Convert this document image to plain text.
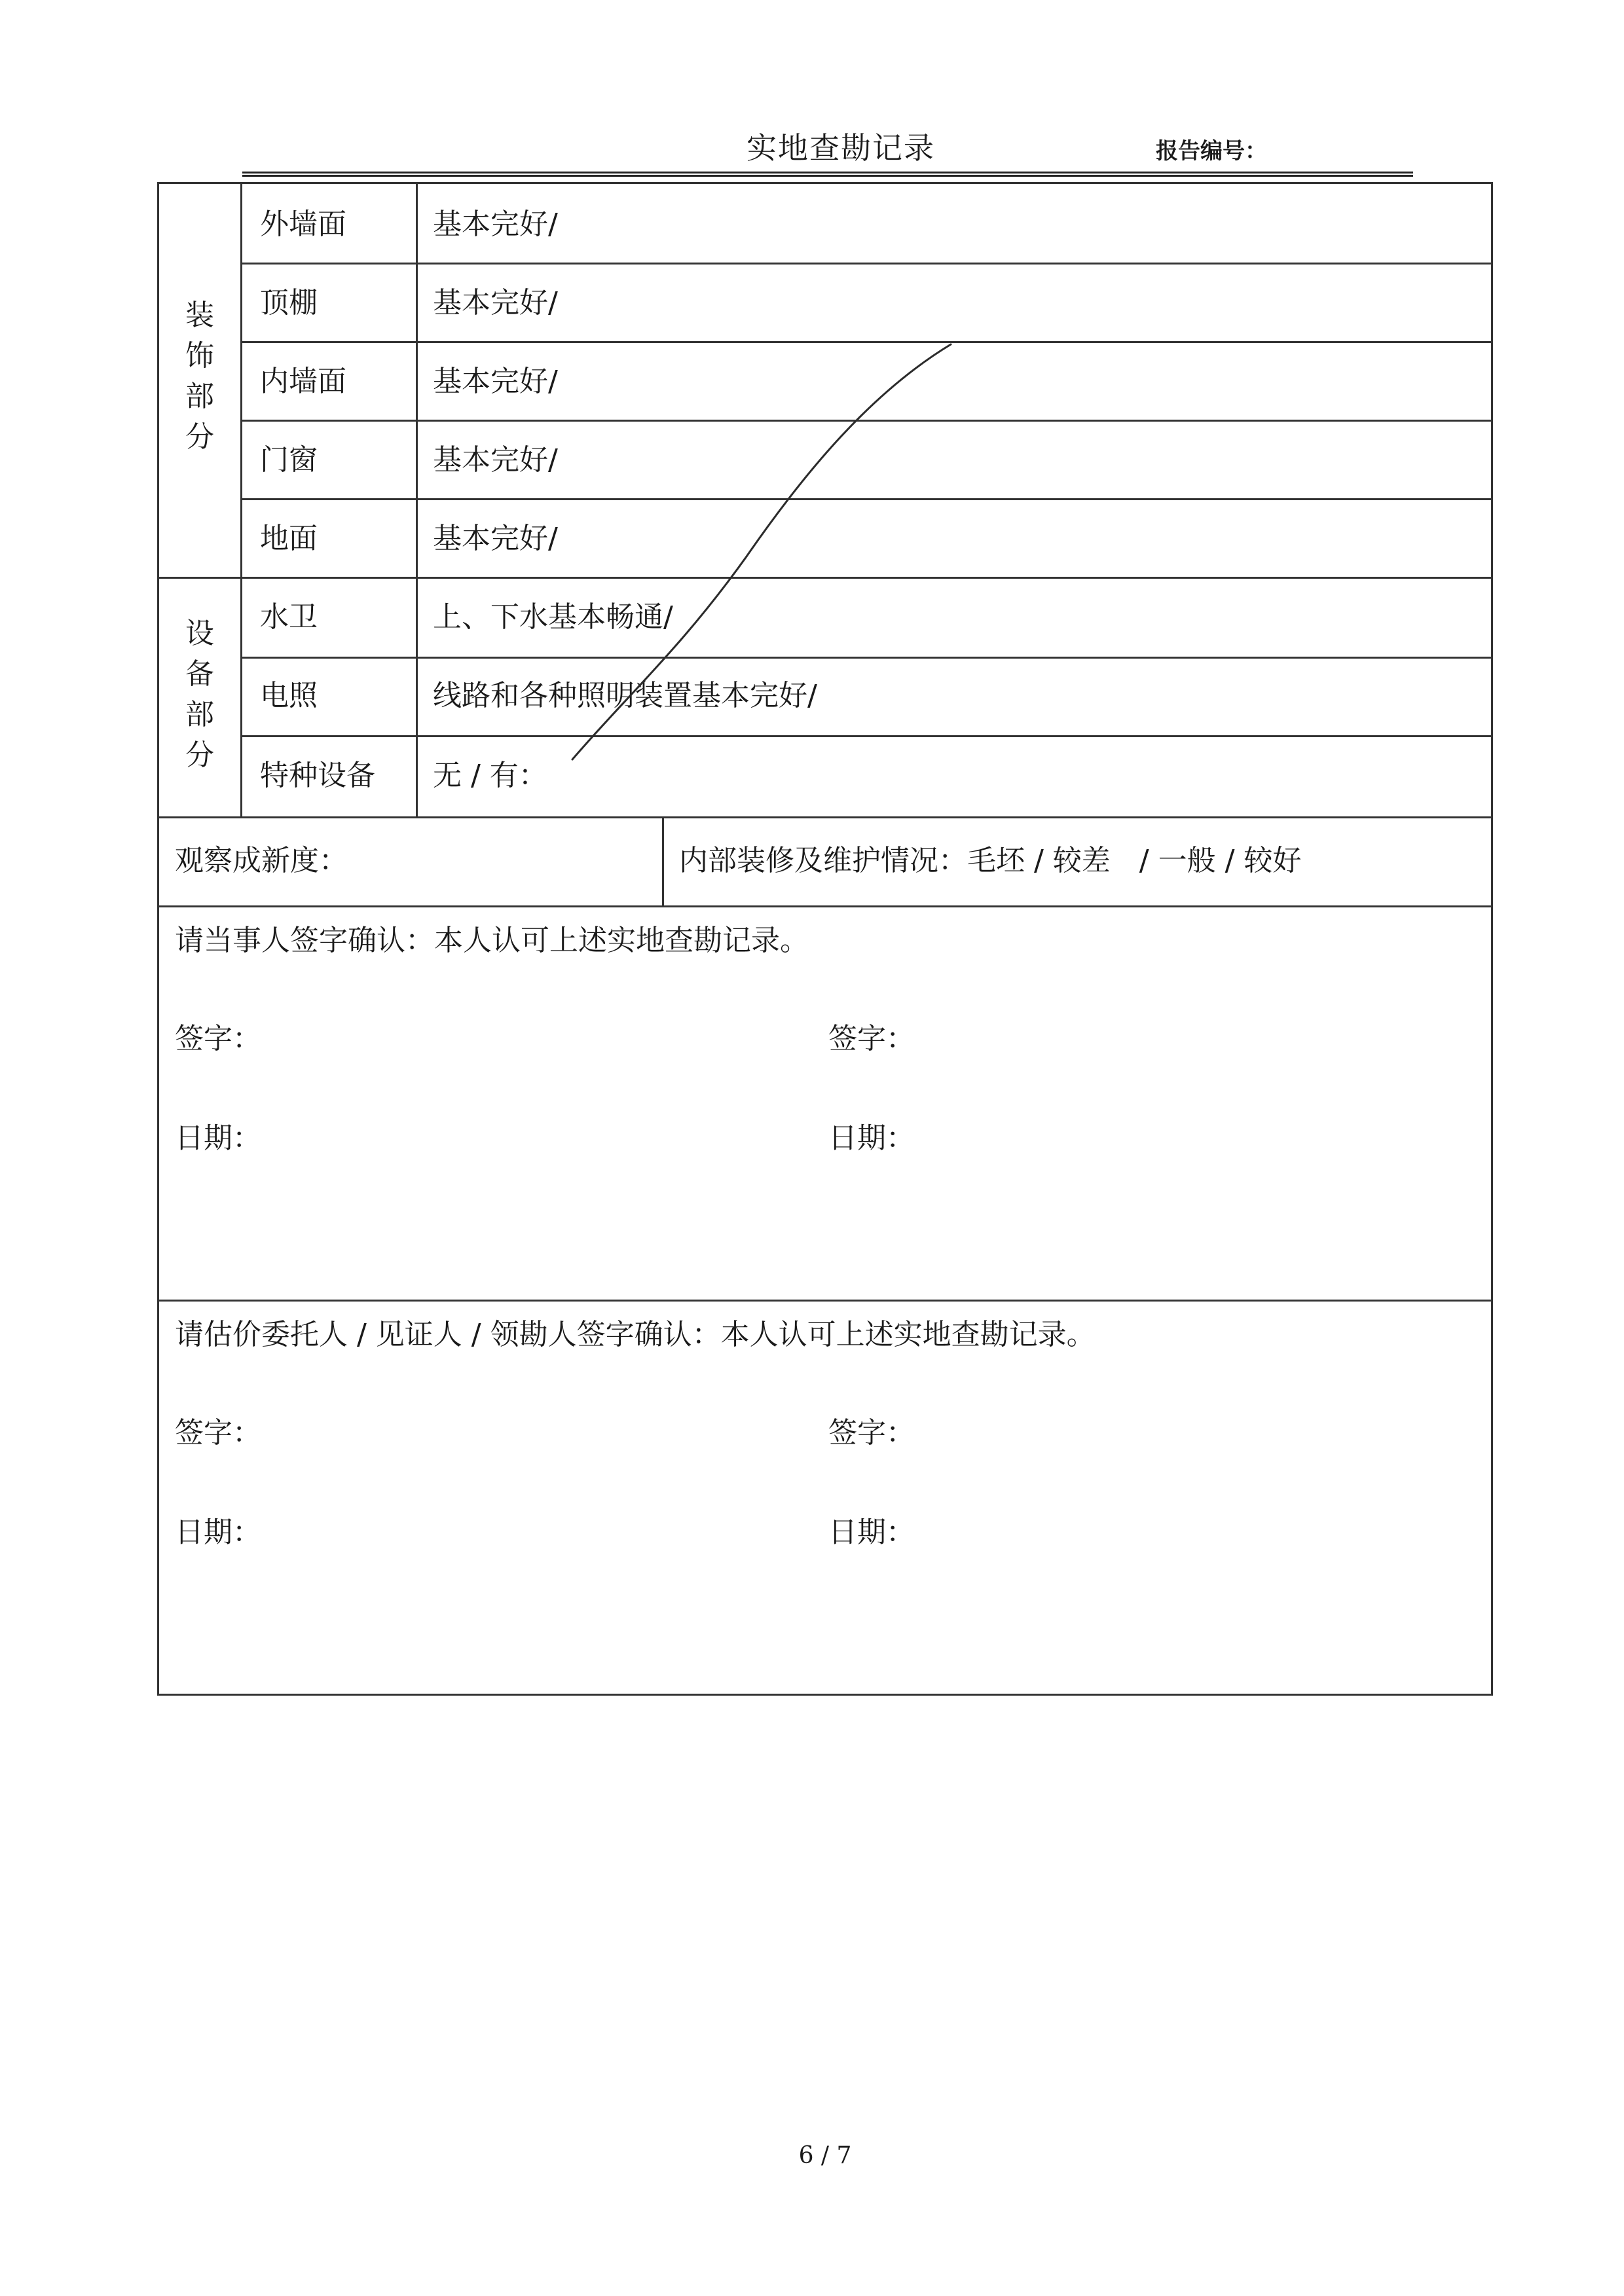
实地查勘记录	报告编号：
装
饰
部
分
外墙面	基本完好/
顶棚	基本完好/
内墙面	基本完好/
门窗	基本完好/
地面	基本完好/
设
备
部
分
水卫	上、下水基本畅通/
电照	线路和各种照明装置基本完好/
特种设备 无 / 有：
观察成新度：	内部装修及维护情况：毛坯 / 较差　/ 一般 / 较好
请当事人签字确认：本人认可上述实地查勘记录。
签字：	签字：
日期：	日期：
请估价委托人 / 见证人 / 领勘人签字确认：本人认可上述实地查勘记录。
签字：	签字：
日期：	日期：
6 / 7
